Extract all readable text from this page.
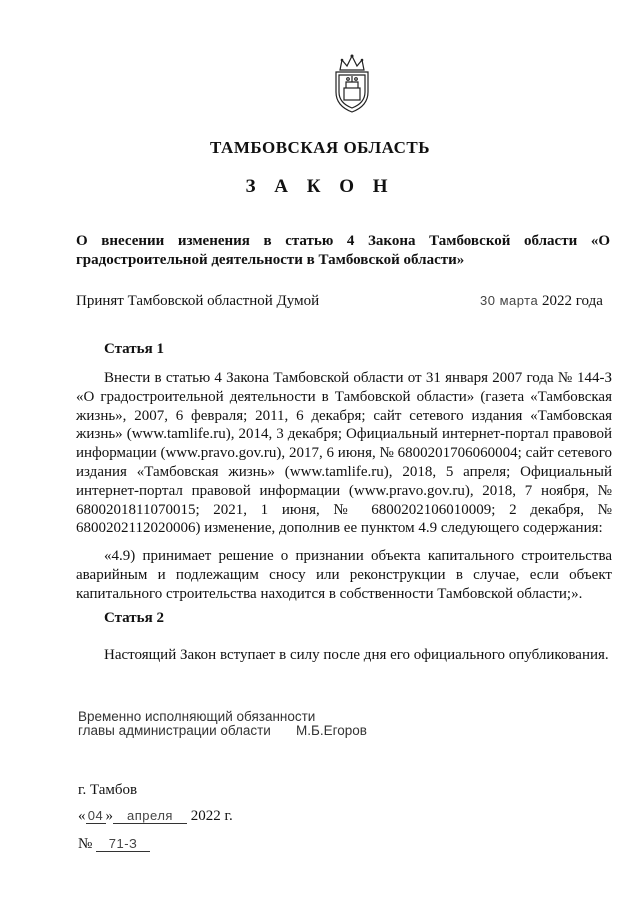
ТАМБОВСКАЯ ОБЛАСТЬ
З А К О Н
О внесении изменения в статью 4 Закона Тамбовской области «О градостроительной деятельности в Тамбовской области»
Принят Тамбовской областной Думой	30 марта 2022 года
Статья 1
Внести в статью 4 Закона Тамбовской области от 31 января 2007 года № 144-З «О градостроительной деятельности в Тамбовской области» (газета «Тамбовская жизнь», 2007, 6 февраля; 2011, 6 декабря; сайт сетевого издания «Тамбовская жизнь» (www.tamlife.ru), 2014, 3 декабря; Официальный интернет-портал правовой информации (www.pravo.gov.ru), 2017, 6 июня, № 6800201706060004; сайт сетевого издания «Тамбовская жизнь» (www.tamlife.ru), 2018, 5 апреля; Официальный интернет-портал правовой информации (www.pravo.gov.ru), 2018, 7 ноября, № 6800201811070015; 2021, 1 июня, № 6800202106010009; 2 декабря, № 6800202112020006) изменение, дополнив ее пунктом 4.9 следующего содержания:
«4.9) принимает решение о признании объекта капитального строительства аварийным и подлежащим сносу или реконструкции в случае, если объект капитального строительства находится в собственности Тамбовской области;».
Статья 2
Настоящий Закон вступает в силу после дня его официального опубликования.
Временно исполняющий обязанности
главы администрации области М.Б.Егоров
г. Тамбов
« 04 » апреля 2022 г.
№ 71-З
